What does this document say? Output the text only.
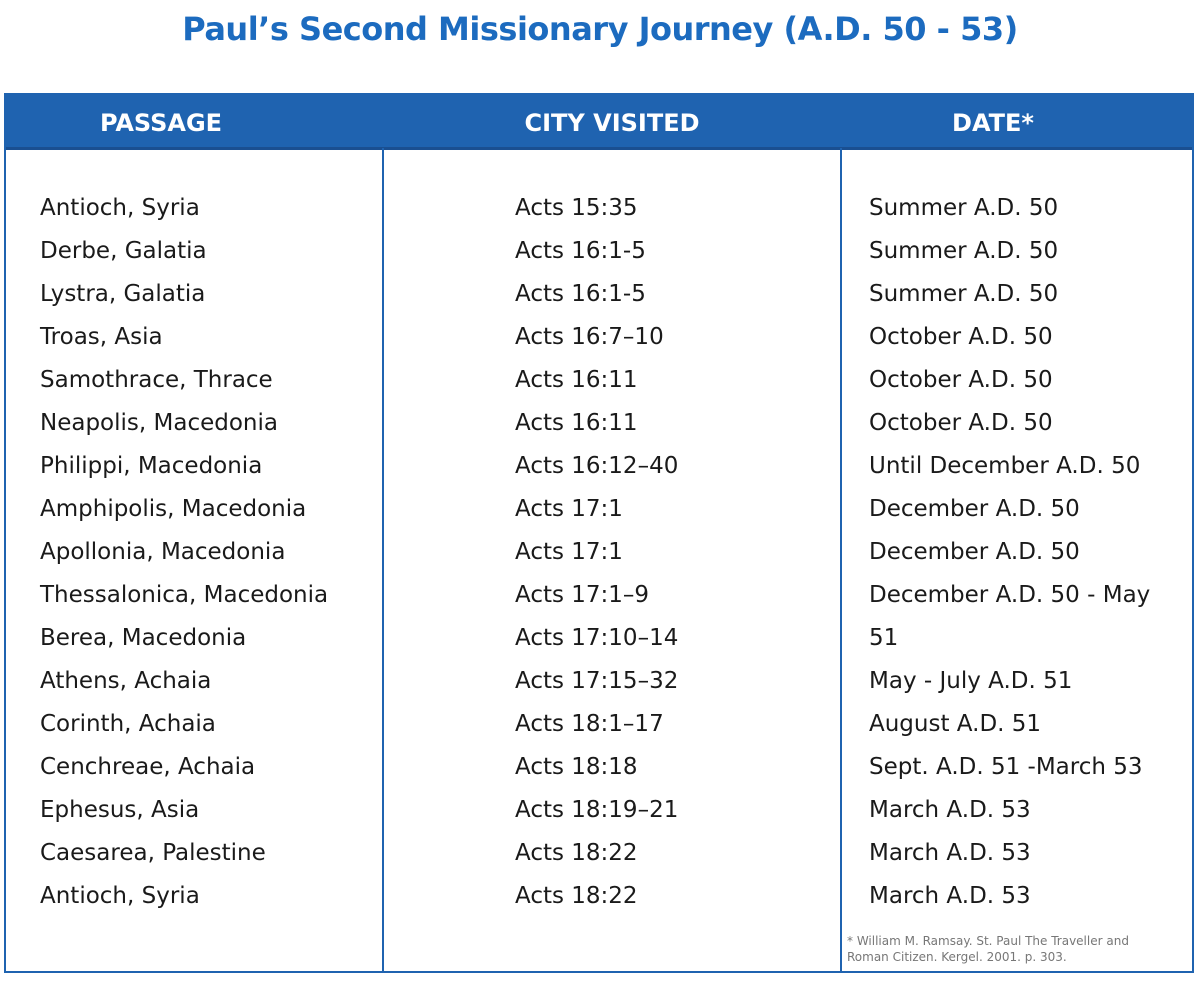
Paul’s Second Missionary Journey (A.D. 50 - 53)
PASSAGE	CITY VISITED	DATE*
Antioch, Syria
Derbe, Galatia
Lystra, Galatia
Troas, Asia
Samothrace, Thrace
Neapolis, Macedonia
Philippi, Macedonia
Amphipolis, Macedonia
Apollonia, Macedonia
Thessalonica, Macedonia
Berea, Macedonia
Athens, Achaia
Corinth, Achaia
Cenchreae, Achaia
Ephesus, Asia
Caesarea, Palestine
Antioch, Syria
Acts 15:35
Acts 16:1-5
Acts 16:1-5
Acts 16:7–10
Acts 16:11
Acts 16:11
Acts 16:12–40
Acts 17:1
Acts 17:1
Acts 17:1–9
Acts 17:10–14
Acts 17:15–32
Acts 18:1–17
Acts 18:18
Acts 18:19–21
Acts 18:22
Acts 18:22
Summer A.D. 50
Summer A.D. 50
Summer A.D. 50
October A.D. 50
October A.D. 50
October A.D. 50
Until December A.D. 50
December A.D. 50
December A.D. 50
December A.D. 50 - May
51
May - July A.D. 51
August A.D. 51
Sept. A.D. 51 -March 53
March A.D. 53
March A.D. 53
March A.D. 53
* William M. Ramsay. St. Paul The Traveller and
Roman Citizen. Kergel. 2001. p. 303.
